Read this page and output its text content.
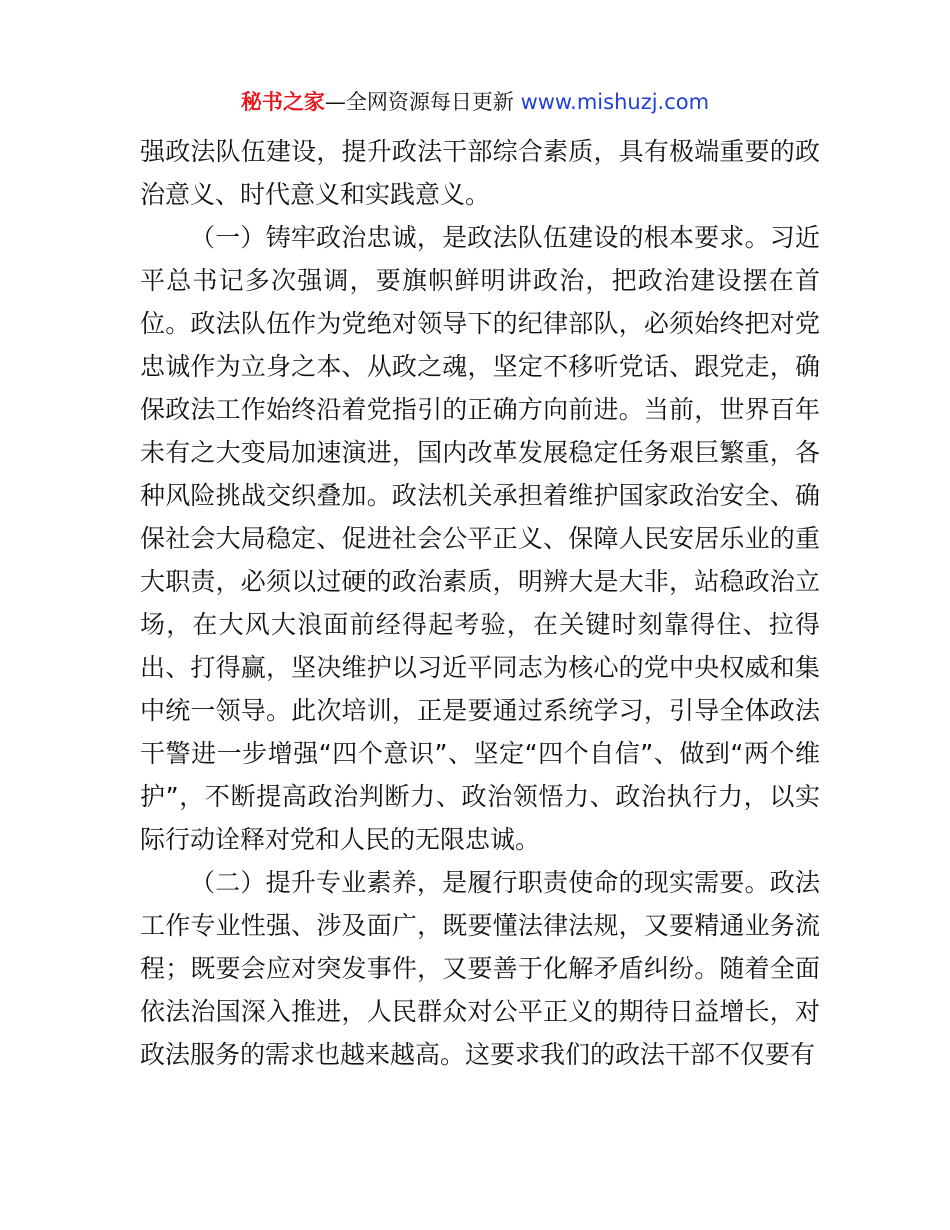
秘书之家—全网资源每日更新 www.mishuzj.com

强政法队伍建设，提升政法干部综合素质，具有极端重要的政治意义、时代意义和实践意义。

（一）铸牢政治忠诚，是政法队伍建设的根本要求。习近平总书记多次强调，要旗帜鲜明讲政治，把政治建设摆在首位。政法队伍作为党绝对领导下的纪律部队，必须始终把对党忠诚作为立身之本、从政之魂，坚定不移听党话、跟党走，确保政法工作始终沿着党指引的正确方向前进。当前，世界百年未有之大变局加速演进，国内改革发展稳定任务艰巨繁重，各种风险挑战交织叠加。政法机关承担着维护国家政治安全、确保社会大局稳定、促进社会公平正义、保障人民安居乐业的重大职责，必须以过硬的政治素质，明辨大是大非，站稳政治立场，在大风大浪面前经得起考验，在关键时刻靠得住、拉得出、打得赢，坚决维护以习近平同志为核心的党中央权威和集中统一领导。此次培训，正是要通过系统学习，引导全体政法干警进一步增强“四个意识”、坚定“四个自信”、做到“两个维护”，不断提高政治判断力、政治领悟力、政治执行力，以实际行动诠释对党和人民的无限忠诚。

（二）提升专业素养，是履行职责使命的现实需要。政法工作专业性强、涉及面广，既要懂法律法规，又要精通业务流程；既要会应对突发事件，又要善于化解矛盾纠纷。随着全面依法治国深入推进，人民群众对公平正义的期待日益增长，对政法服务的需求也越来越高。这要求我们的政法干部不仅要有
